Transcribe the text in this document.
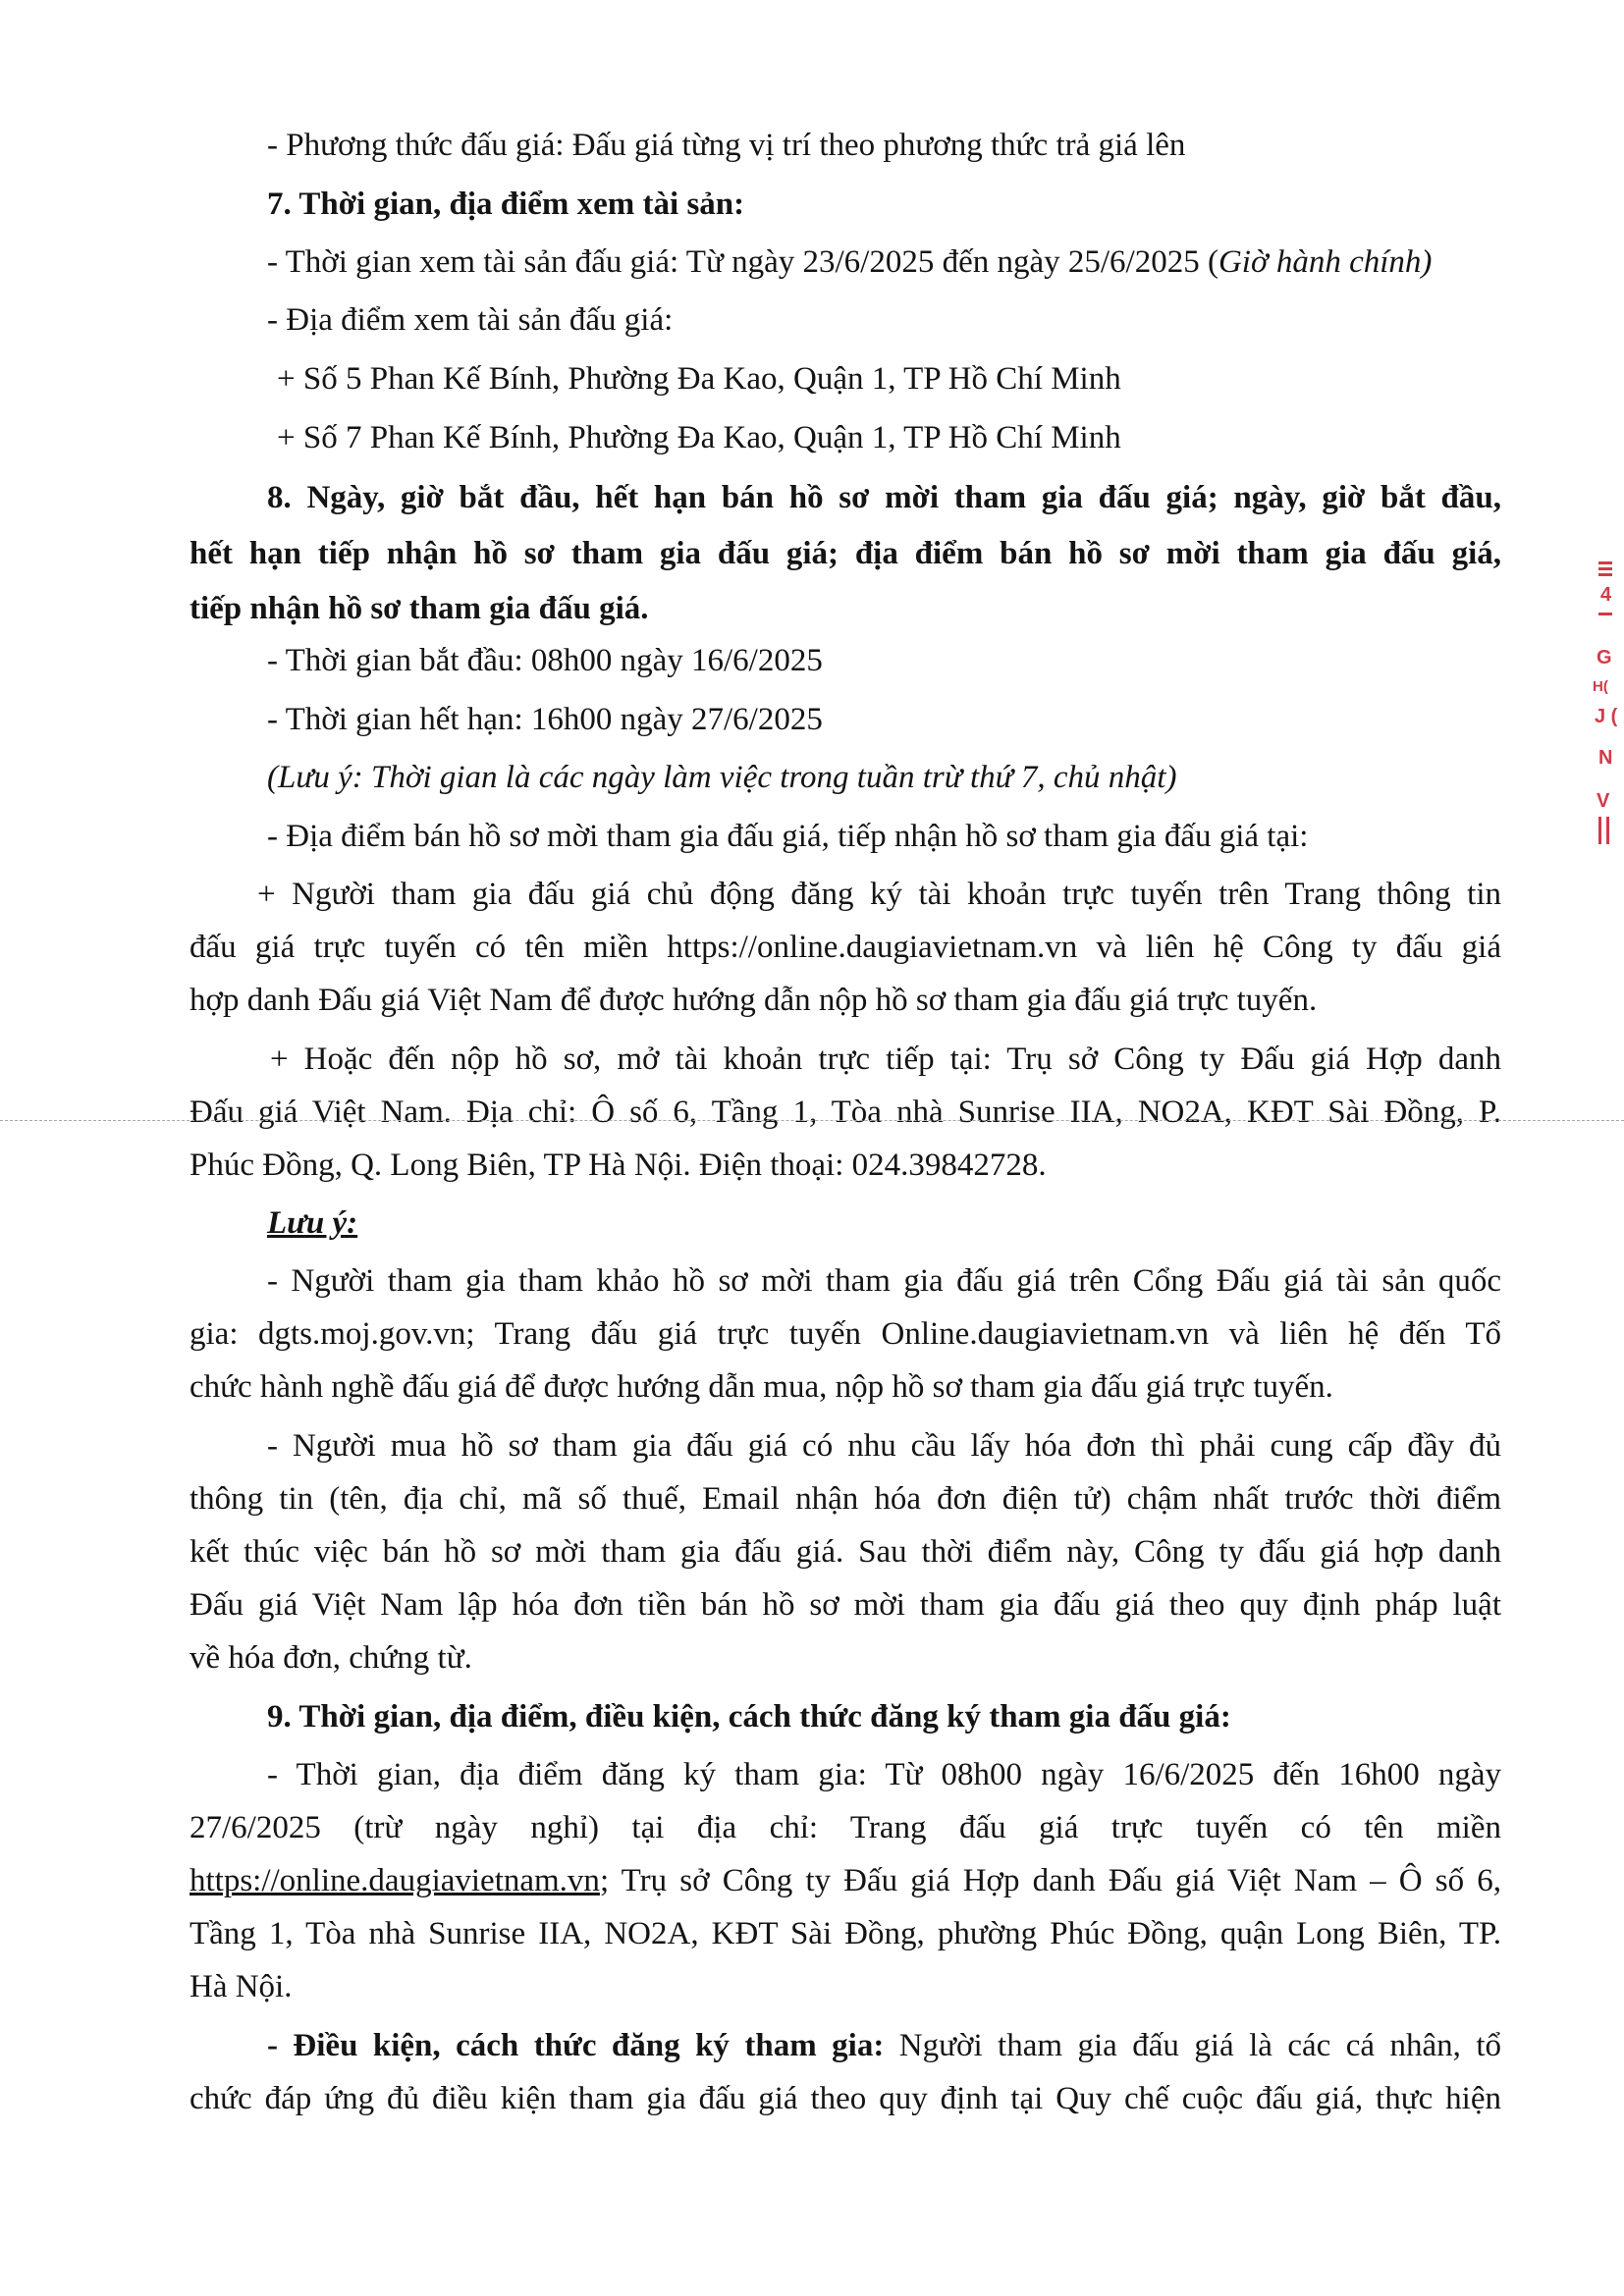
- Phương thức đấu giá: Đấu giá từng vị trí theo phương thức trả giá lên

7. Thời gian, địa điểm xem tài sản:

- Thời gian xem tài sản đấu giá: Từ ngày 23/6/2025 đến ngày 25/6/2025 (Giờ hành chính)

- Địa điểm xem tài sản đấu giá:

+ Số 5 Phan Kế Bính, Phường Đa Kao, Quận 1, TP Hồ Chí Minh

+ Số 7 Phan Kế Bính, Phường Đa Kao, Quận 1, TP Hồ Chí Minh

8. Ngày, giờ bắt đầu, hết hạn bán hồ sơ mời tham gia đấu giá; ngày, giờ bắt đầu,

hết hạn tiếp nhận hồ sơ tham gia đấu giá; địa điểm bán hồ sơ mời tham gia đấu giá,

tiếp nhận hồ sơ tham gia đấu giá.

- Thời gian bắt đầu: 08h00 ngày 16/6/2025

- Thời gian hết hạn: 16h00 ngày 27/6/2025

(Lưu ý: Thời gian là các ngày làm việc trong tuần trừ thứ 7, chủ nhật)

- Địa điểm bán hồ sơ mời tham gia đấu giá, tiếp nhận hồ sơ tham gia đấu giá tại:

+ Người tham gia đấu giá chủ động đăng ký tài khoản trực tuyến trên Trang thông tin

đấu giá trực tuyến có tên miền https://online.daugiavietnam.vn và liên hệ Công ty đấu giá

hợp danh Đấu giá Việt Nam để được hướng dẫn nộp hồ sơ tham gia đấu giá trực tuyến.

+ Hoặc đến nộp hồ sơ, mở tài khoản trực tiếp tại: Trụ sở Công ty Đấu giá Hợp danh

Đấu giá Việt Nam. Địa chỉ: Ô số 6, Tầng 1, Tòa nhà Sunrise IIA, NO2A, KĐT Sài Đồng, P.

Phúc Đồng, Q. Long Biên, TP Hà Nội. Điện thoại: 024.39842728.

Lưu ý:

- Người tham gia tham khảo hồ sơ mời tham gia đấu giá trên Cổng Đấu giá tài sản quốc

gia: dgts.moj.gov.vn; Trang đấu giá trực tuyến Online.daugiavietnam.vn và liên hệ đến Tổ

chức hành nghề đấu giá để được hướng dẫn mua, nộp hồ sơ tham gia đấu giá trực tuyến.

- Người mua hồ sơ tham gia đấu giá có nhu cầu lấy hóa đơn thì phải cung cấp đầy đủ

thông tin (tên, địa chỉ, mã số thuế, Email nhận hóa đơn điện tử) chậm nhất trước thời điểm

kết thúc việc bán hồ sơ mời tham gia đấu giá. Sau thời điểm này, Công ty đấu giá hợp danh

Đấu giá Việt Nam lập hóa đơn tiền bán hồ sơ mời tham gia đấu giá theo quy định pháp luật

về hóa đơn, chứng từ.

9. Thời gian, địa điểm, điều kiện, cách thức đăng ký tham gia đấu giá:

- Thời gian, địa điểm đăng ký tham gia: Từ 08h00 ngày 16/6/2025 đến 16h00 ngày

27/6/2025 (trừ ngày nghỉ) tại địa chỉ: Trang đấu giá trực tuyến có tên miền

https://online.daugiavietnam.vn; Trụ sở Công ty Đấu giá Hợp danh Đấu giá Việt Nam – Ô số 6,

Tầng 1, Tòa nhà Sunrise IIA, NO2A, KĐT Sài Đồng, phường Phúc Đồng, quận Long Biên, TP.

Hà Nội.

- Điều kiện, cách thức đăng ký tham gia: Người tham gia đấu giá là các cá nhân, tổ

chức đáp ứng đủ điều kiện tham gia đấu giá theo quy định tại Quy chế cuộc đấu giá, thực hiện

4
G
H(
J (
N
V
